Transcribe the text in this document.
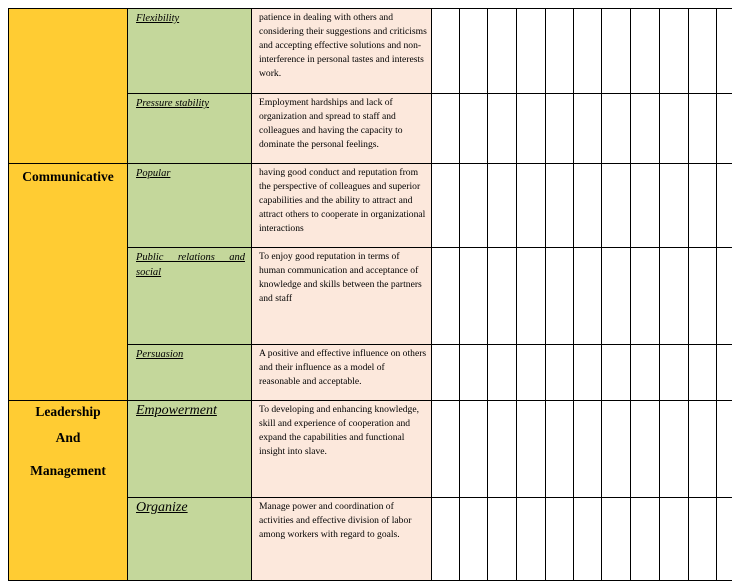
	Flexibility	patience in dealing with others and considering their suggestions and criticisms and accepting effective solutions and non-interference in personal tastes and interests work.											

	Pressure stability	Employment hardships and lack of organization and spread to staff and colleagues and having the capacity to dominate the personal feelings.											

Communicative	Popular	having good conduct and reputation from the perspective of colleagues and superior capabilities and the ability to attract and attract others to cooperate in organizational interactions											

	Public relations and social	To enjoy good reputation in terms of human communication and acceptance of knowledge and skills between the partners and staff											

	Persuasion	A positive and effective influence on others and their influence as a model of reasonable and acceptable.											

Leadership
And
Management	Empowerment	To developing and enhancing knowledge, skill and experience of cooperation and expand the capabilities and functional insight into slave.											

	Organize	Manage power and coordination of activities and effective division of labor among workers with regard to goals.											
